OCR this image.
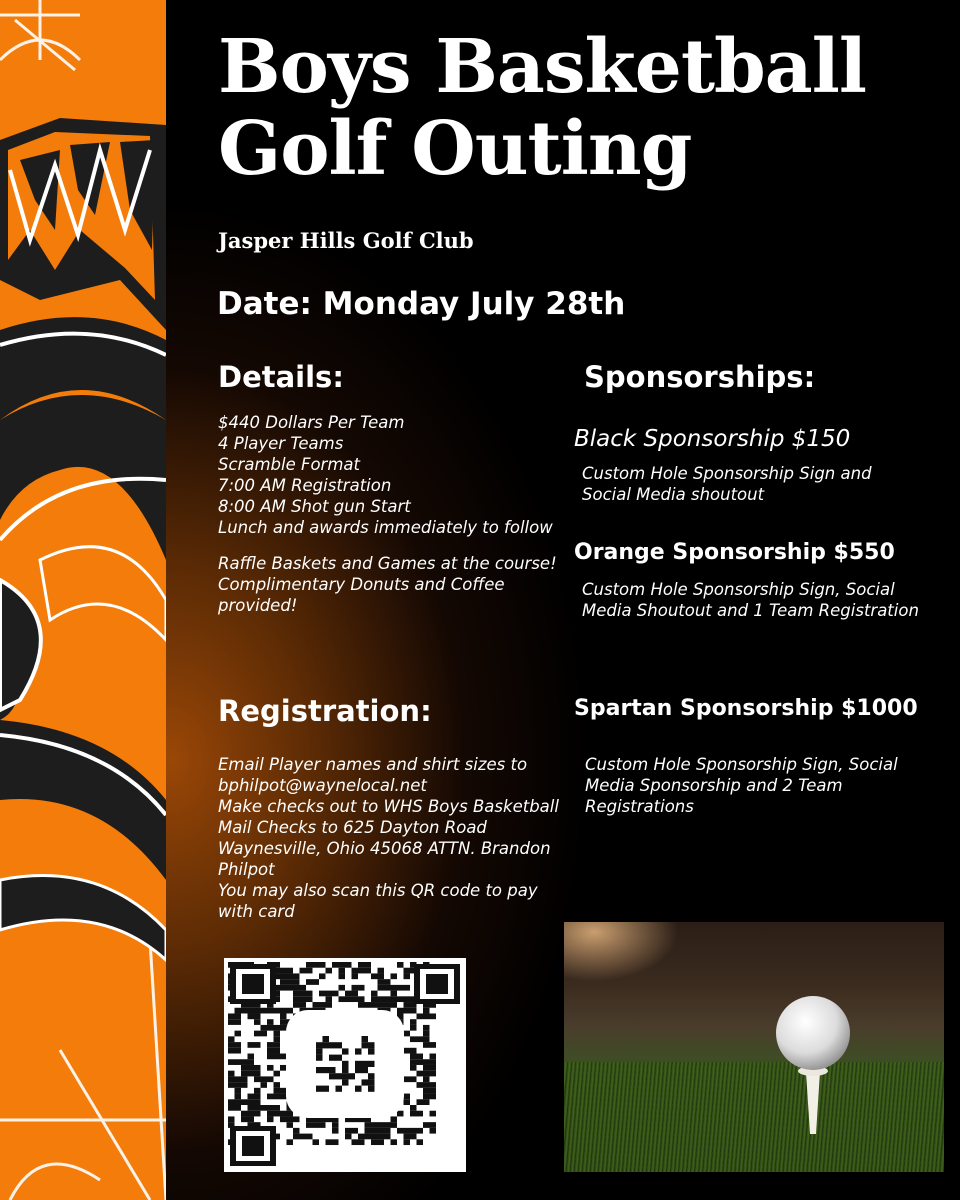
Boys Basketball
Golf Outing
Jasper Hills Golf Club
Date: Monday July 28th
Details:
$440 Dollars Per Team
4 Player Teams
Scramble Format
7:00 AM Registration
8:00 AM Shot gun Start
Lunch and awards immediately to follow
Raffle Baskets and Games at the course!
Complimentary Donuts and Coffee provided!
Registration:
Email Player names and shirt sizes to bphilpot@waynelocal.net
Make checks out to WHS Boys Basketball
Mail Checks to 625 Dayton Road Waynesville, Ohio 45068 ATTN. Brandon Philpot
You may also scan this QR code to pay with card
Sponsorships:
Black Sponsorship $150
Custom Hole Sponsorship Sign and Social Media shoutout
Orange Sponsorship $550
Custom Hole Sponsorship Sign, Social Media Shoutout and 1 Team Registration
Spartan Sponsorship $1000
Custom Hole Sponsorship Sign, Social Media Sponsorship and 2 Team Registrations
